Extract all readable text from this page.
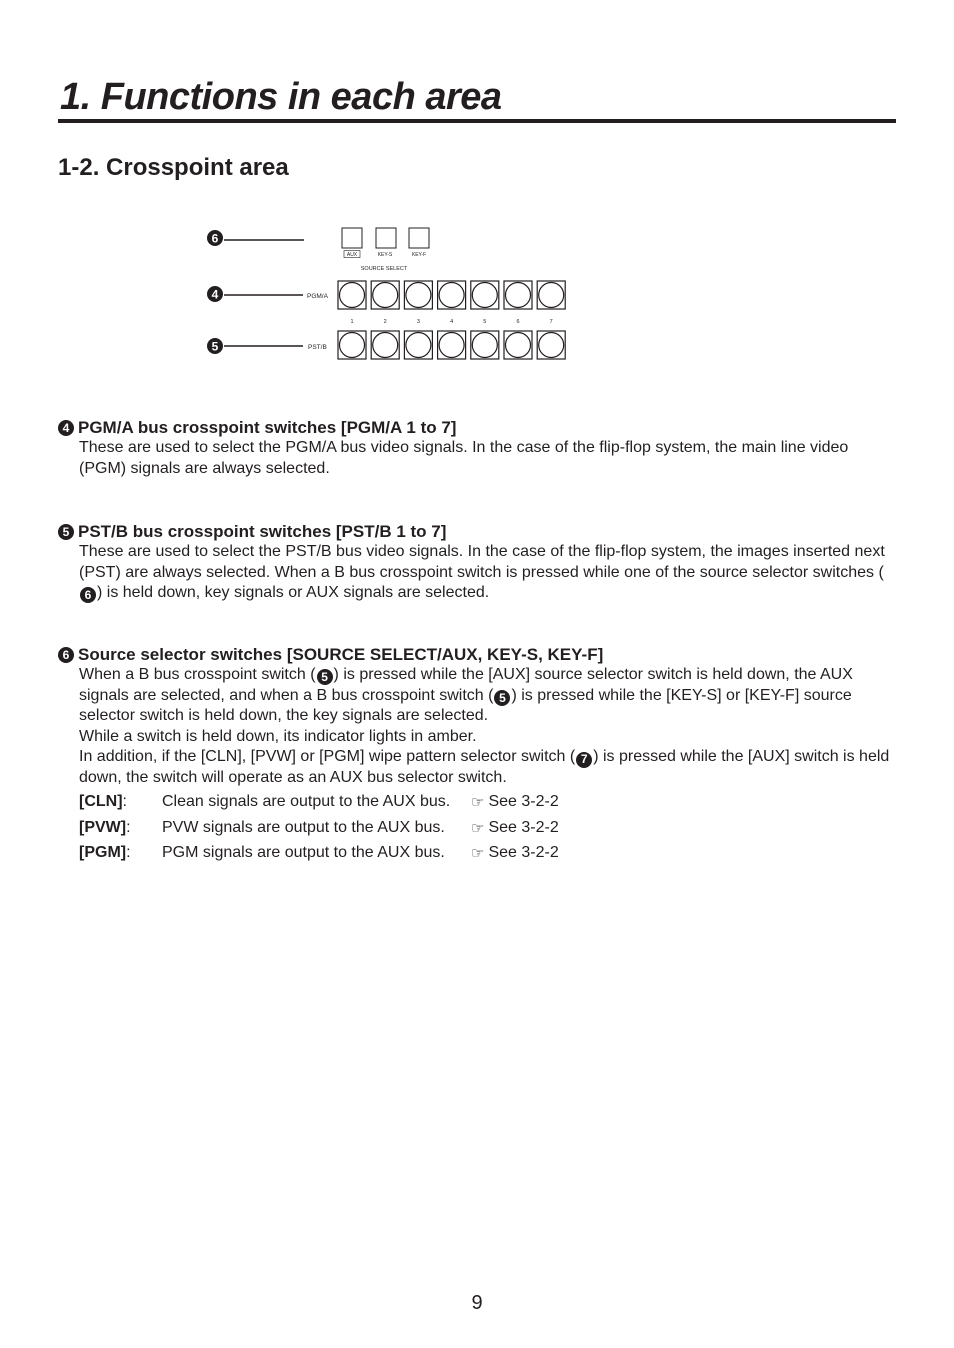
1. Functions in each area
1-2. Crosspoint area
6
4
5
AUX	KEY-S	KEY-F
SOURCE SELECT
PGM/A
PST/B
1	2	3	4	5	6	7
4 PGM/A bus crosspoint switches [PGM/A 1 to 7]
These are used to select the PGM/A bus video signals. In the case of the flip-flop system, the main line video (PGM) signals are always selected.
5 PST/B bus crosspoint switches [PST/B 1 to 7]
These are used to select the PST/B bus video signals. In the case of the flip-flop system, the images inserted next (PST) are always selected. When a B bus crosspoint switch is pressed while one of the source selector switches (6 ) is held down, key signals or AUX signals are selected.
6 Source selector switches [SOURCE SELECT/AUX, KEY-S, KEY-F]
When a B bus crosspoint switch ( 5 ) is pressed while the [AUX] source selector switch is held down, the AUX signals are selected, and when a B bus crosspoint switch ( 5 ) is pressed while the [KEY-S] or [KEY-F] source selector switch is held down, the key signals are selected.
While a switch is held down, its indicator lights in amber.
In addition, if the [CLN], [PVW] or [PGM] wipe pattern selector switch ( 7 ) is pressed while the [AUX] switch is held down, the switch will operate as an AUX bus selector switch.
[CLN] : Clean signals are output to the AUX bus. ☞ See 3-2-2
[PVW] : PVW signals are output to the AUX bus. ☞ See 3-2-2
[PGM] : PGM signals are output to the AUX bus. ☞ See 3-2-2
9
